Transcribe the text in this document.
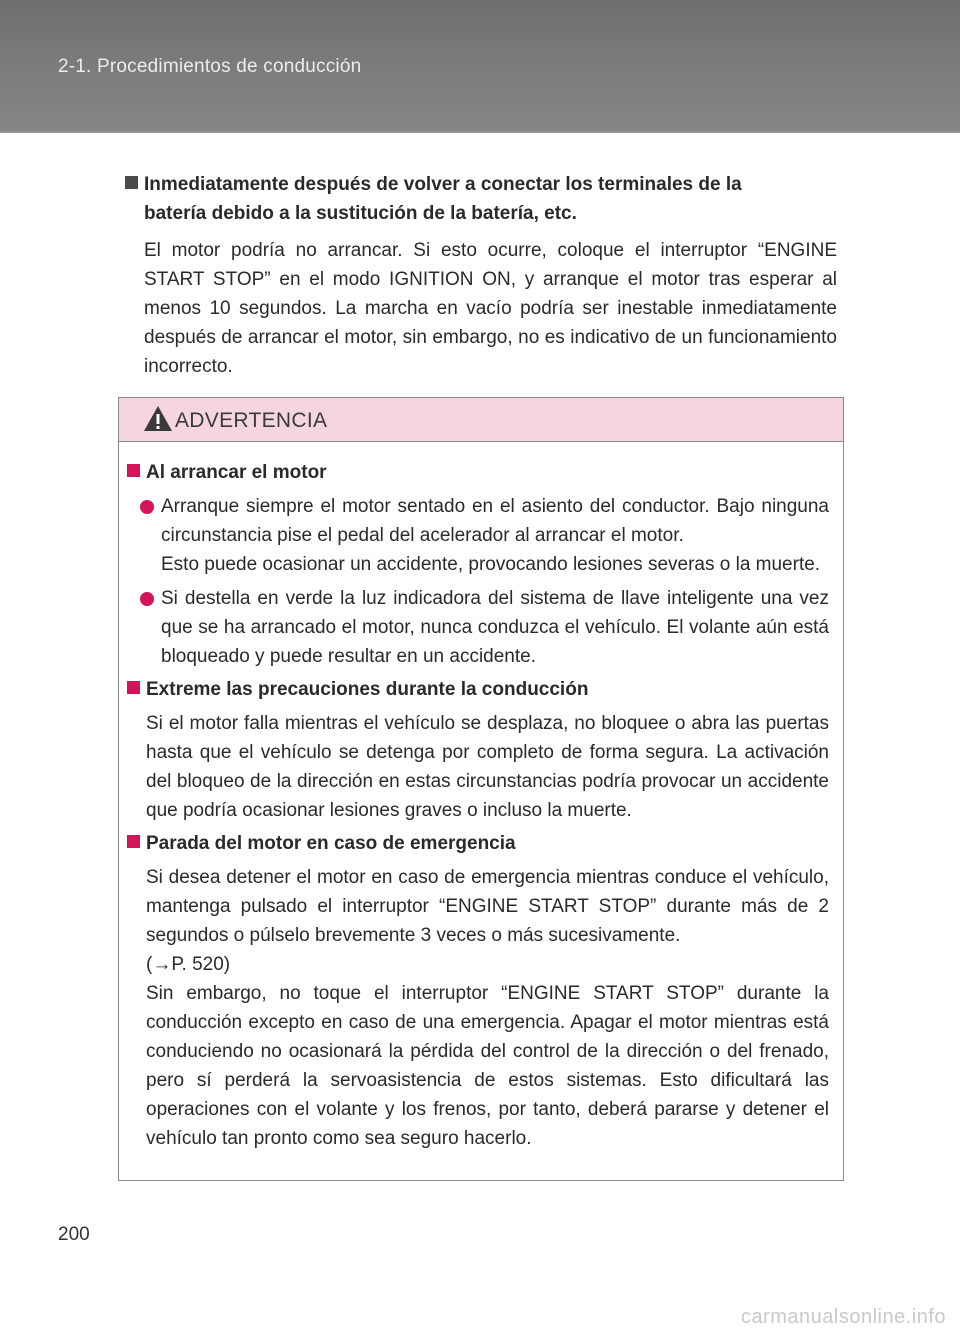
2-1. Procedimientos de conducción
Inmediatamente después de volver a conectar los terminales de la
batería debido a la sustitución de la batería, etc.
El motor podría no arrancar. Si esto ocurre, coloque el interruptor “ENGINE START STOP” en el modo IGNITION ON, y arranque el motor tras esperar al menos 10 segundos. La marcha en vacío podría ser inestable inmediatamente después de arrancar el motor, sin embargo, no es indicativo de un funcionamiento incorrecto.
ADVERTENCIA
Al arrancar el motor
Arranque siempre el motor sentado en el asiento del conductor. Bajo ninguna circunstancia pise el pedal del acelerador al arrancar el motor.
Esto puede ocasionar un accidente, provocando lesiones severas o la muerte.
Si destella en verde la luz indicadora del sistema de llave inteligente una vez que se ha arrancado el motor, nunca conduzca el vehículo. El volante aún está bloqueado y puede resultar en un accidente.
Extreme las precauciones durante la conducción
Si el motor falla mientras el vehículo se desplaza, no bloquee o abra las puertas hasta que el vehículo se detenga por completo de forma segura. La activación del bloqueo de la dirección en estas circunstancias podría provocar un accidente que podría ocasionar lesiones graves o incluso la muerte.
Parada del motor en caso de emergencia
Si desea detener el motor en caso de emergencia mientras conduce el vehículo, mantenga pulsado el interruptor “ENGINE START STOP” durante más de 2 segundos o púlselo brevemente 3 veces o más sucesivamente.
(→P. 520)
Sin embargo, no toque el interruptor “ENGINE START STOP” durante la conducción excepto en caso de una emergencia. Apagar el motor mientras está conduciendo no ocasionará la pérdida del control de la dirección o del frenado, pero sí perderá la servoasistencia de estos sistemas. Esto dificultará las operaciones con el volante y los frenos, por tanto, deberá pararse y detener el vehículo tan pronto como sea seguro hacerlo.
200
carmanualsonline.info
